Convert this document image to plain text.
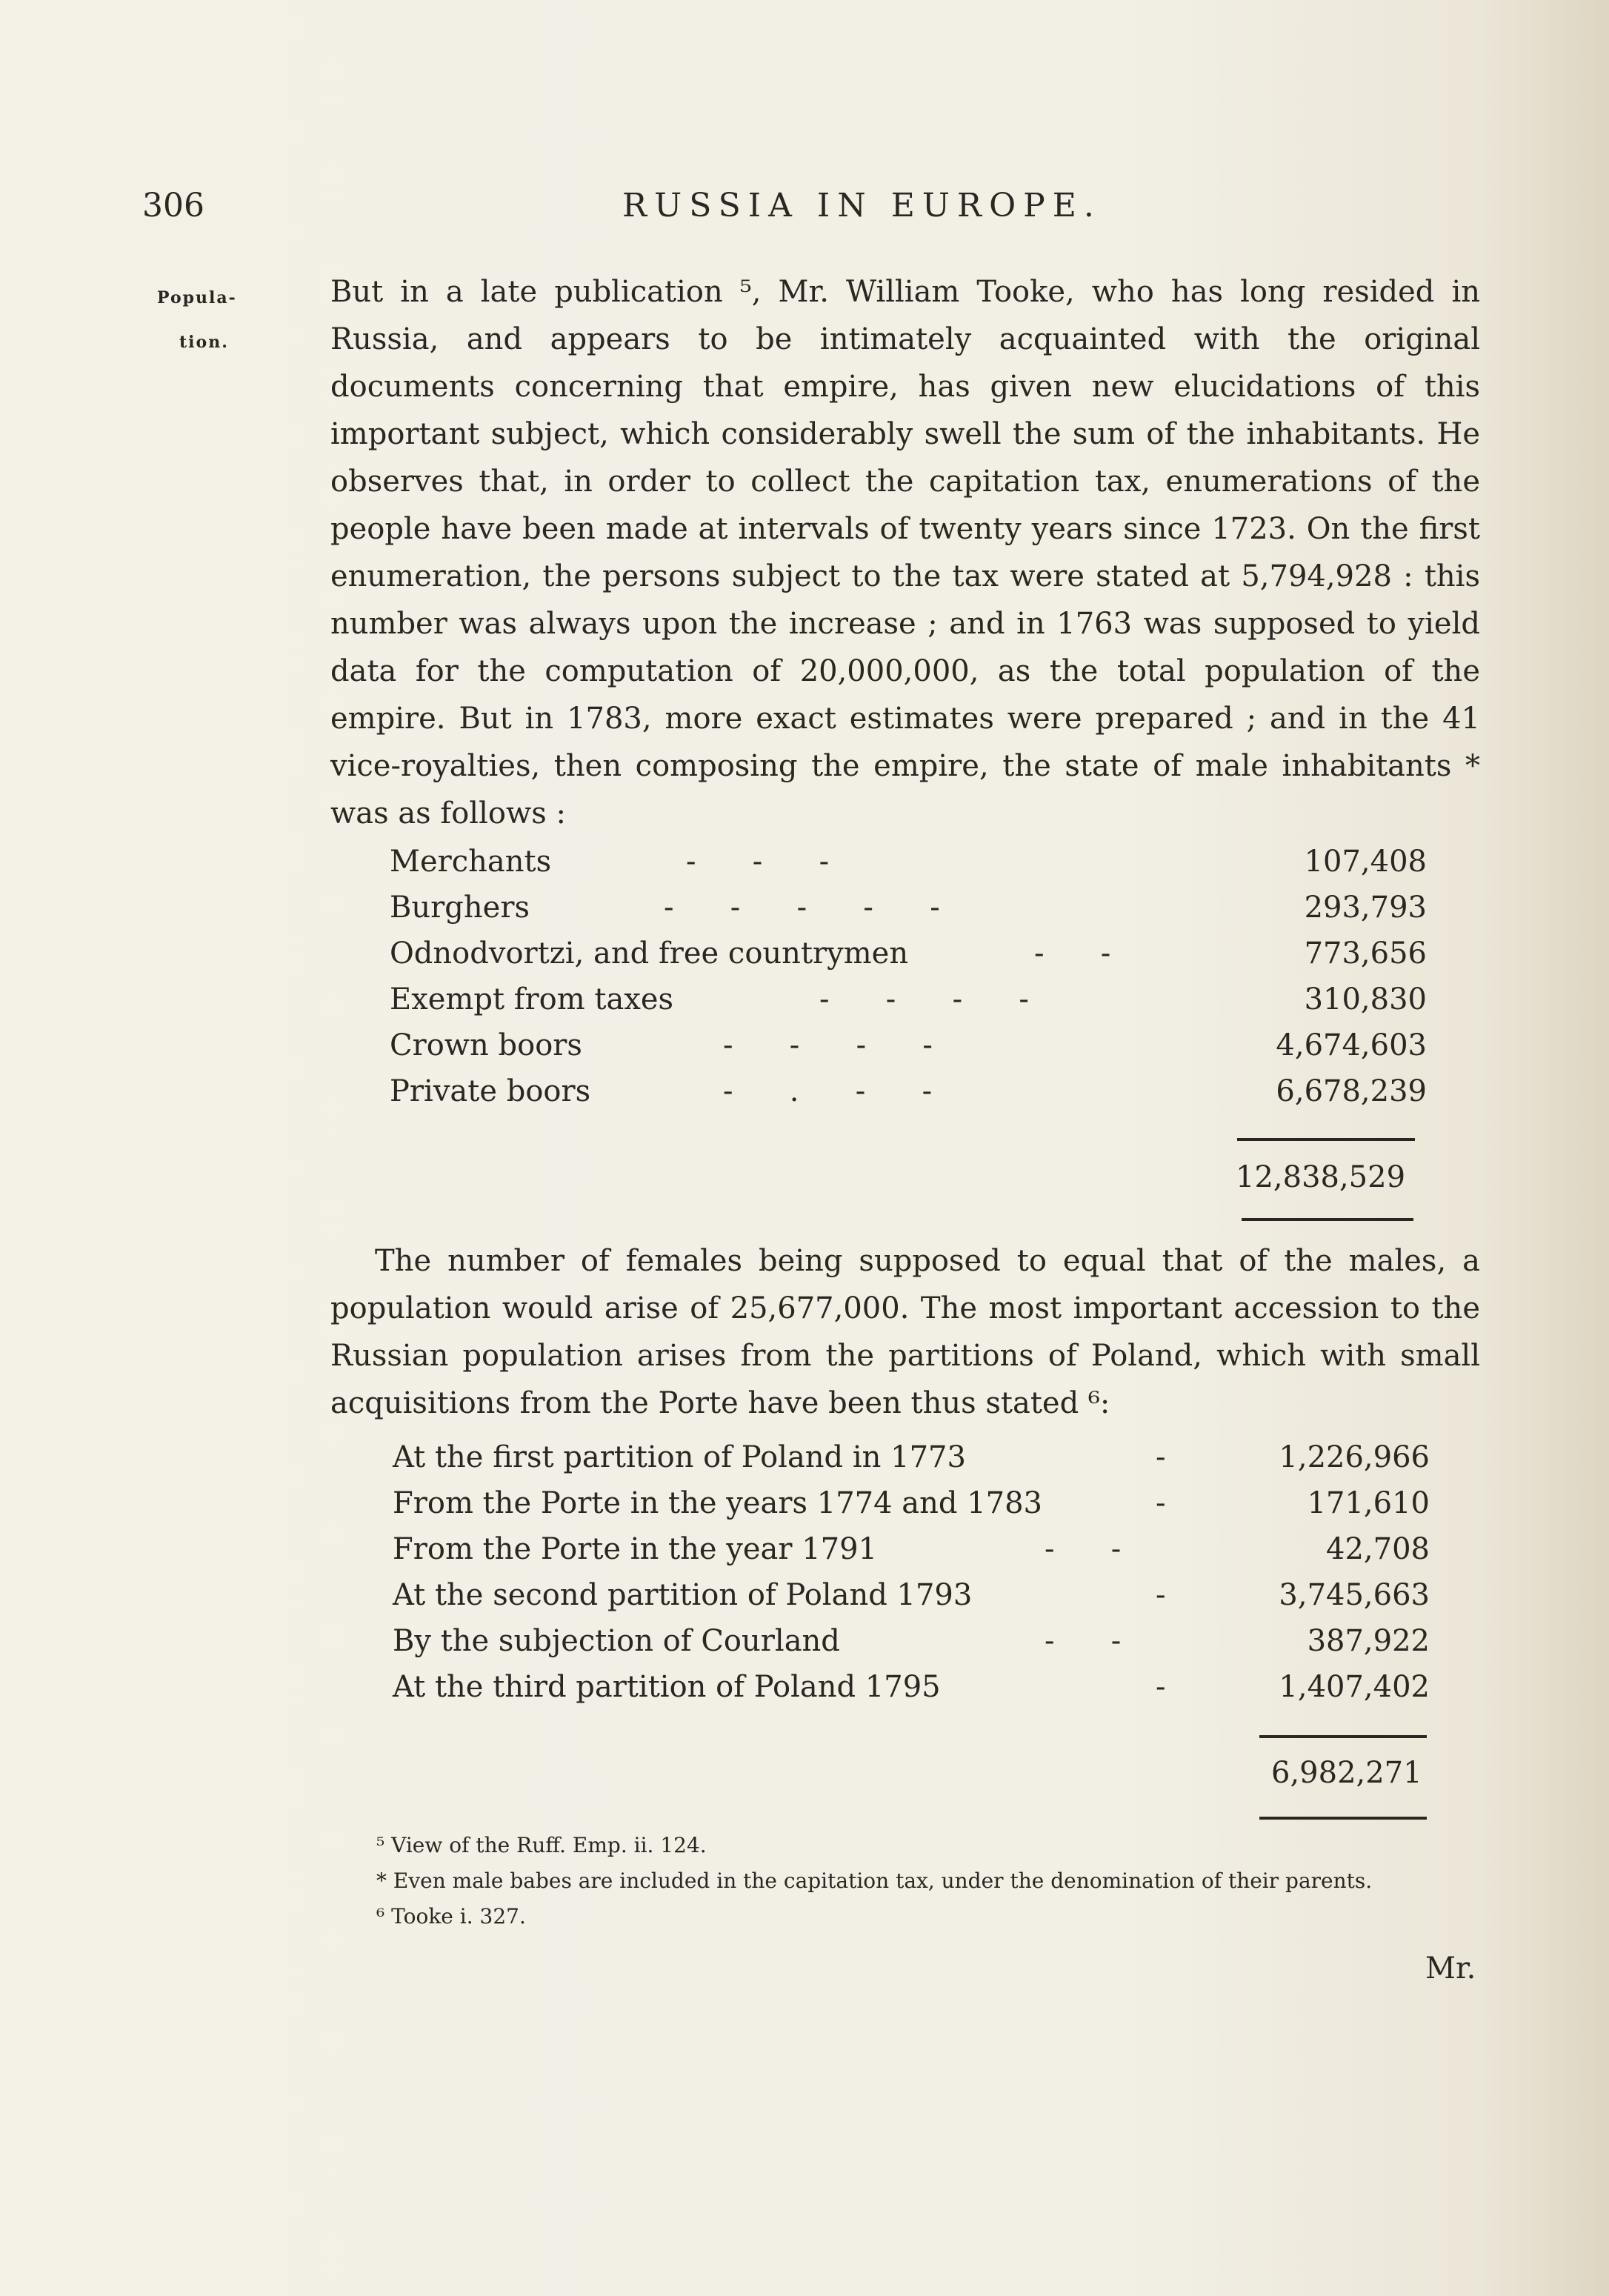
306	RUSSIA IN EUROPE.
Popula-
tion.
But in a late publication ⁵, Mr. William Tooke, who has long resided in Russia, and appears to be intimately acquainted with the original documents concerning that empire, has given new elucidations of this important subject, which considerably swell the sum of the inhabitants. He observes that, in order to collect the capitation tax, enumerations of the people have been made at intervals of twenty years since 1723. On the first enumeration, the persons subject to the tax were stated at 5,794,928 : this number was always upon the increase ; and in 1763 was supposed to yield data for the computation of 20,000,000, as the total population of the empire. But in 1783, more exact estimates were prepared ; and in the 41 vice-royalties, then composing the empire, the state of male inhabitants * was as follows :
Merchants	-      -      -	107,408
Burghers	-      -      -      -      -	293,793
Odnodvortzi, and free countrymen	-      -	773,656
Exempt from taxes	-      -      -      -	310,830
Crown boors	-      -      -      -	4,674,603
Private boors	-      .      -      -	6,678,239
12,838,529
The number of females being supposed to equal that of the males, a population would arise of 25,677,000. The most important accession to the Russian population arises from the partitions of Poland, which with small acquisitions from the Porte have been thus stated ⁶:
At the first partition of Poland in 1773	-	1,226,966
From the Porte in the years 1774 and 1783	-	171,610
From the Porte in the year 1791	-      -	42,708
At the second partition of Poland 1793	-	3,745,663
By the subjection of Courland	-      -	387,922
At the third partition of Poland 1795	-	1,407,402
6,982,271
⁵ View of the Ruff. Emp. ii. 124.
* Even male babes are included in the capitation tax, under the denomination of their parents.
⁶ Tooke i. 327.
Mr.
